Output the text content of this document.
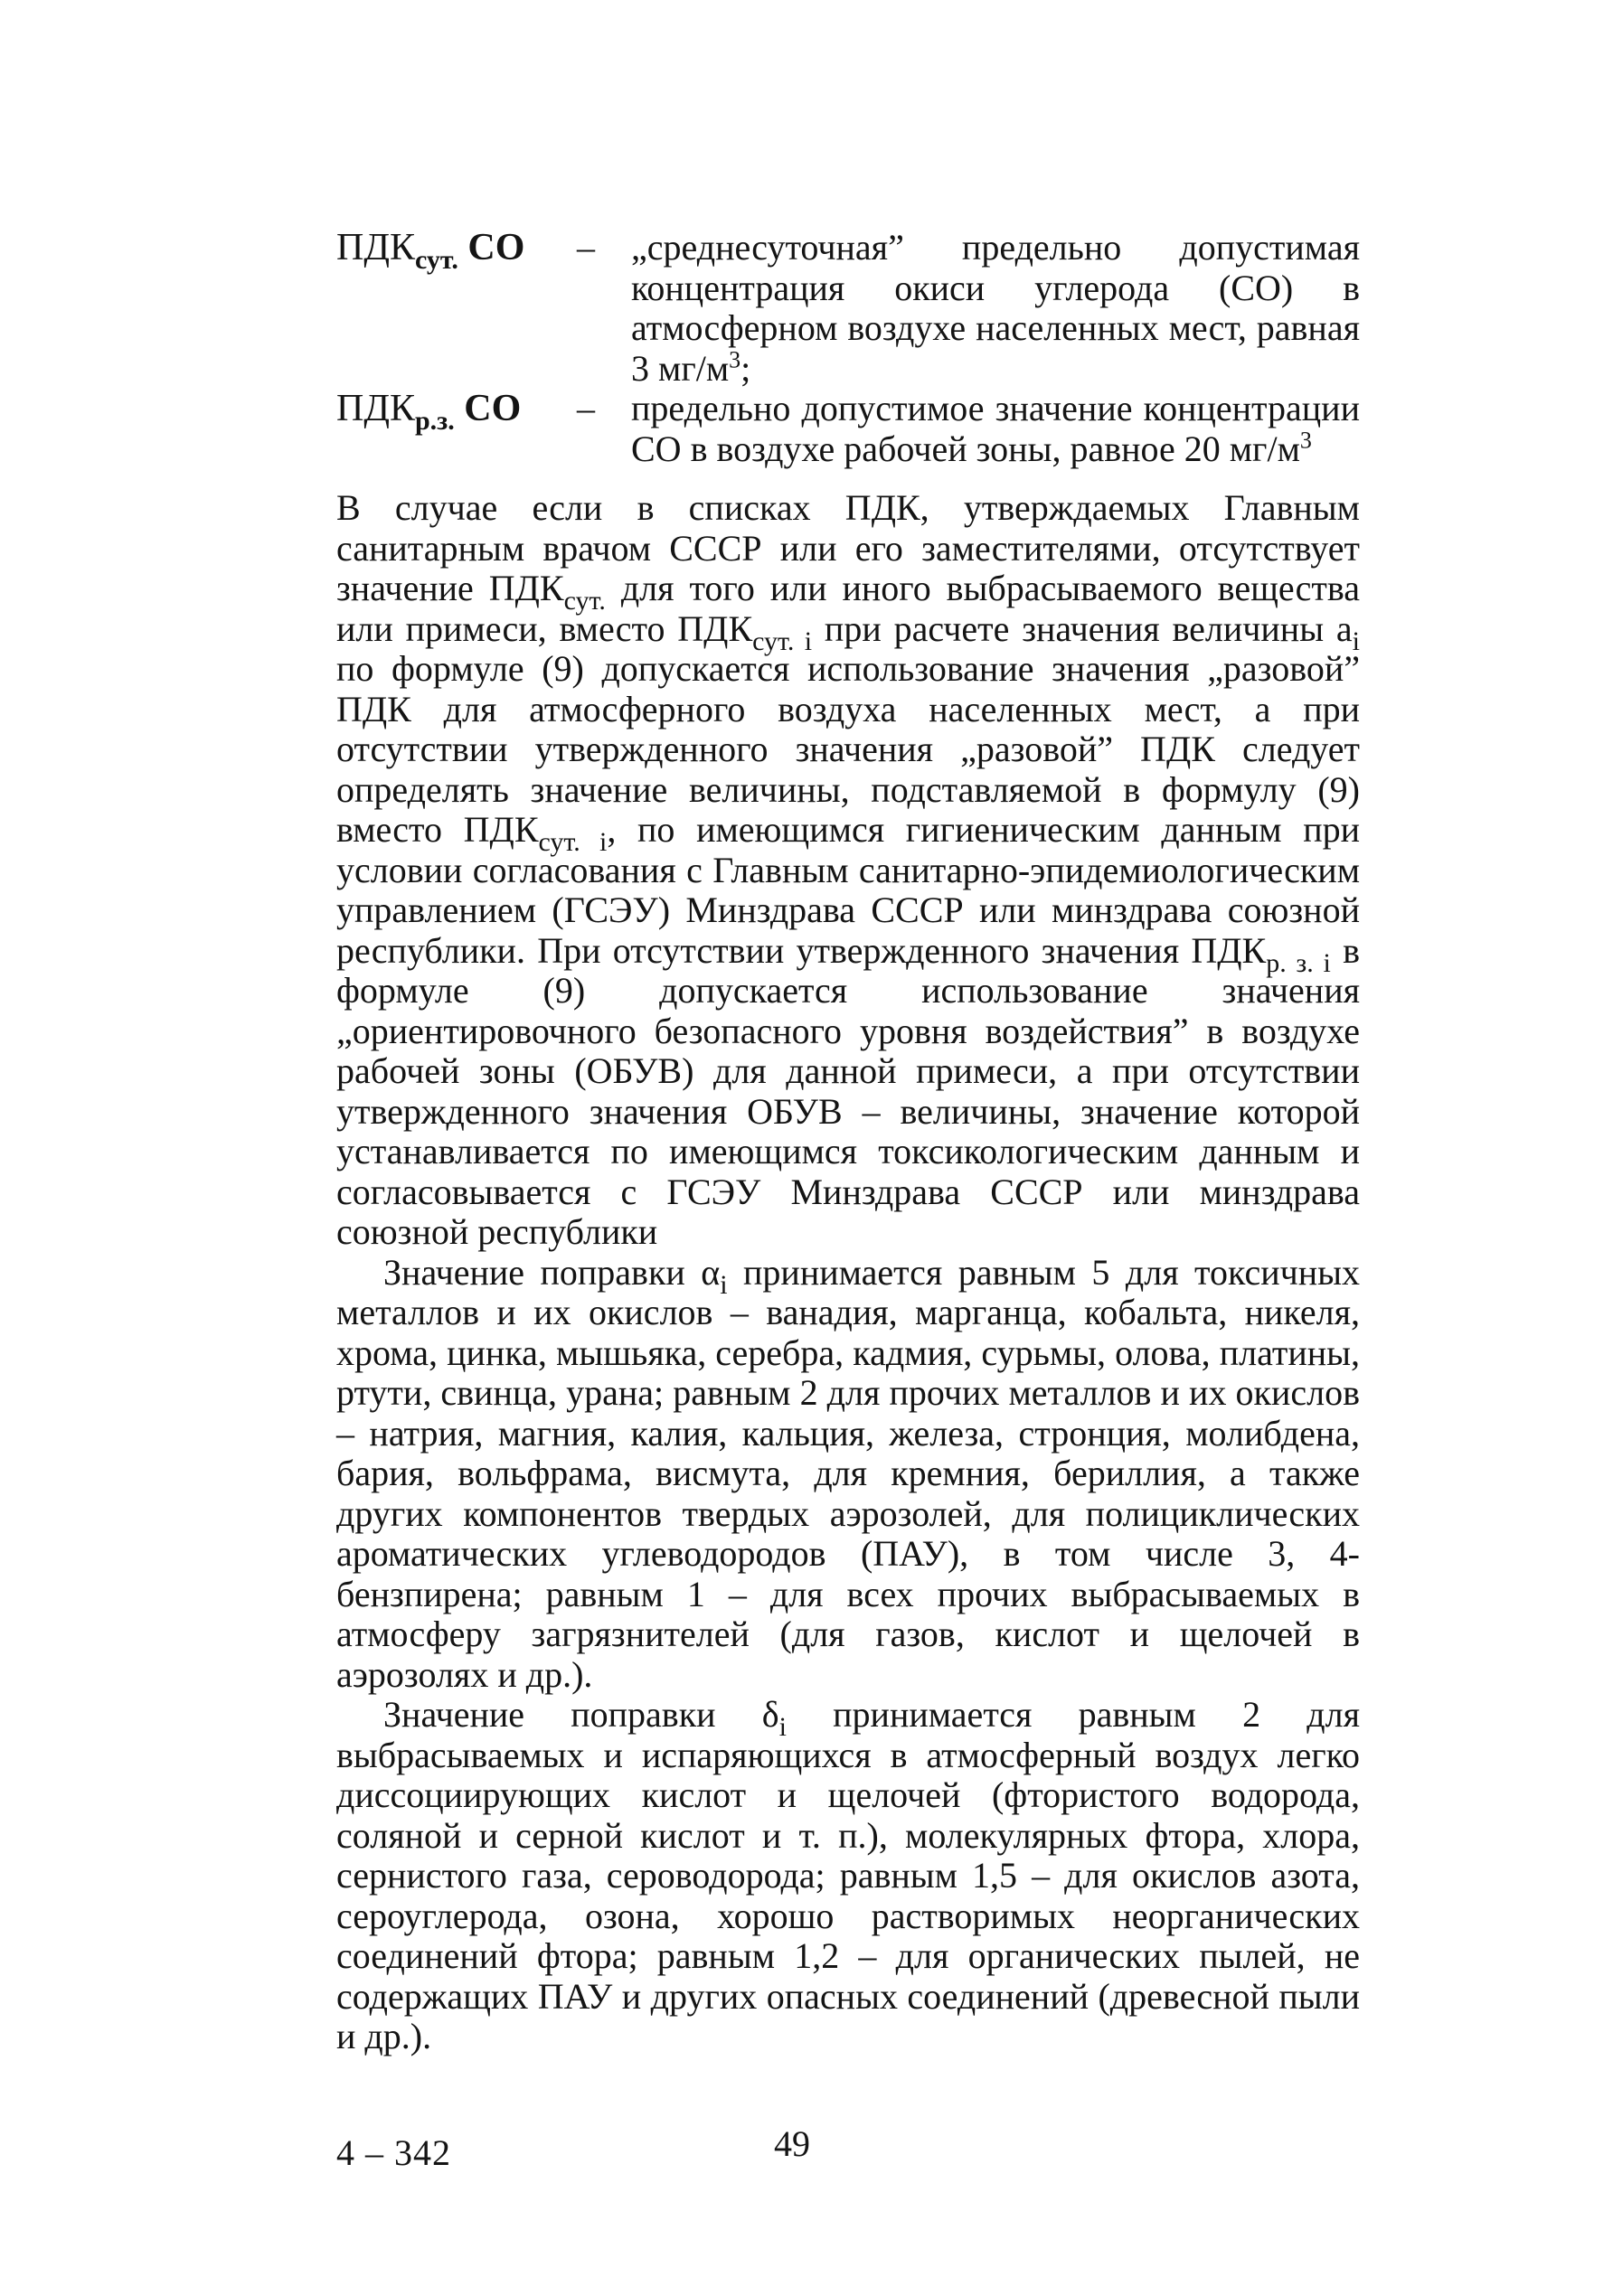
$ПДК_{сут.}$ CO	–	„среднесуточная” предельно допустимая концентрация окиси углерода (CO) в атмосферном воздухе населенных мест, равная 3 $мг/м^3$;
$ПДК_{р.з.}$ CO	–	предельно допустимое значение концентрации CO в воздухе рабочей зоны, равное 20 $мг/м^3$

В случае если в списках ПДК, утверждаемых Главным санитарным врачом СССР или его заместителями, отсутствует значение $ПДК_{сут.}$ для того или иного выбрасываемого вещества или примеси, вместо $ПДК_{сут. i}$ при расчете значения величины $a_i$ по формуле (9) допускается использование значения „разовой” ПДК для атмосферного воздуха населенных мест, а при отсутствии утвержденного значения „разовой” ПДК следует определять значение величины, подставляемой в формулу (9) вместо $ПДК_{сут. i}$, по имеющимся гигиеническим данным при условии согласования с Главным санитарно-эпидемиологическим управлением (ГСЭУ) Минздрава СССР или минздрава союзной республики. При отсутствии утвержденного значения $ПДК_{р. з. i}$ в формуле (9) допускается использование значения „ориентировочного безопасного уровня воздействия” в воздухе рабочей зоны (ОБУВ) для данной примеси, а при отсутствии утвержденного значения ОБУВ – величины, значение которой устанавливается по имеющимся токсикологическим данным и согласовывается с ГСЭУ Минздрава СССР или минздрава союзной республики

Значение поправки $\alpha_i$ принимается равным 5 для токсичных металлов и их окислов – ванадия, марганца, кобальта, никеля, хрома, цинка, мышьяка, серебра, кадмия, сурьмы, олова, платины, ртути, свинца, урана; равным 2 для прочих металлов и их окислов – натрия, магния, калия, кальция, железа, стронция, молибдена, бария, вольфрама, висмута, для кремния, бериллия, а также других компонентов твердых аэрозолей, для полициклических ароматических углеводородов (ПАУ), в том числе 3, 4-бензпирена; равным 1 – для всех прочих выбрасываемых в атмосферу загрязнителей (для газов, кислот и щелочей в аэрозолях и др.).

Значение поправки $\delta_i$ принимается равным 2 для выбрасываемых и испаряющихся в атмосферный воздух легко диссоциирующих кислот и щелочей (фтористого водорода, соляной и серной кислот и т. п.), молекулярных фтора, хлора, сернистого газа, сероводорода; равным 1,5 – для окислов азота, сероуглерода, озона, хорошо растворимых неорганических соединений фтора; равным 1,2 – для органических пылей, не содержащих ПАУ и других опасных соединений (древесной пыли и др.).

4 – 342	49
